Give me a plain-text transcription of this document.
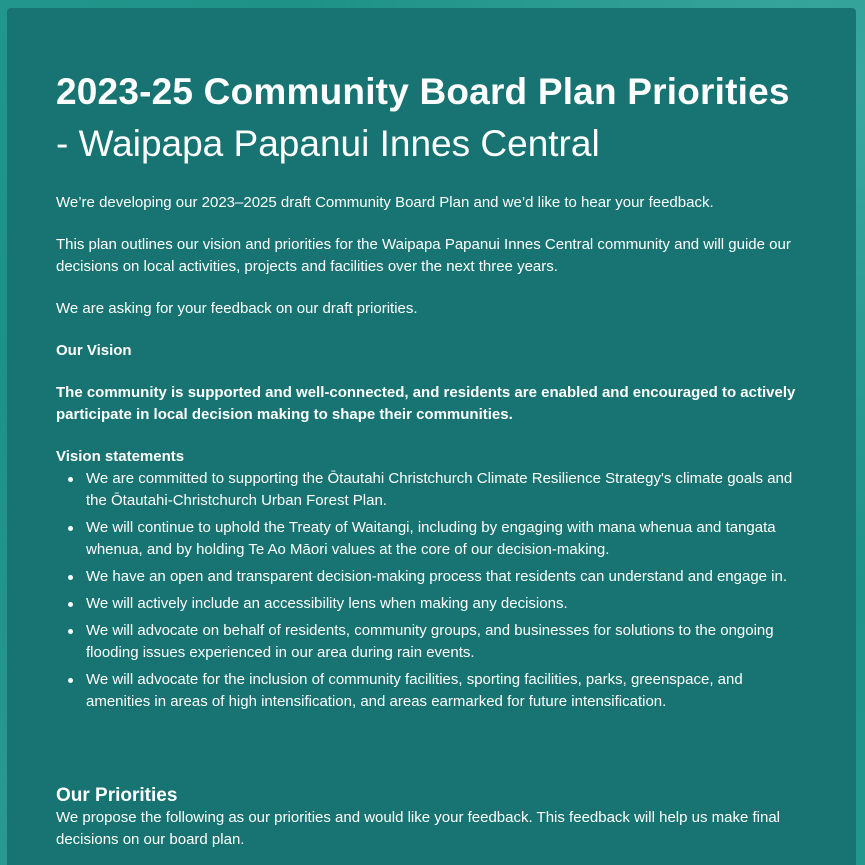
2023-25 Community Board Plan Priorities
- Waipapa Papanui Innes Central

We’re developing our 2023–2025 draft Community Board Plan and we’d like to hear your feedback.

This plan outlines our vision and priorities for the Waipapa Papanui Innes Central community and will guide our decisions on local activities, projects and facilities over the next three years.

We are asking for your feedback on our draft priorities.

Our Vision

The community is supported and well-connected, and residents are enabled and encouraged to actively participate in local decision making to shape their communities.

Vision statements

We are committed to supporting the Ōtautahi Christchurch Climate Resilience Strategy's climate goals and the Ōtautahi-Christchurch Urban Forest Plan.
We will continue to uphold the Treaty of Waitangi, including by engaging with mana whenua and tangata whenua, and by holding Te Ao Māori values at the core of our decision-making.
We have an open and transparent decision-making process that residents can understand and engage in.
We will actively include an accessibility lens when making any decisions.
We will advocate on behalf of residents, community groups, and businesses for solutions to the ongoing flooding issues experienced in our area during rain events.
We will advocate for the inclusion of community facilities, sporting facilities, parks, greenspace, and amenities in areas of high intensification, and areas earmarked for future intensification.
Our Priorities

We propose the following as our priorities and would like your feedback. This feedback will help us make final decisions on our board plan.
